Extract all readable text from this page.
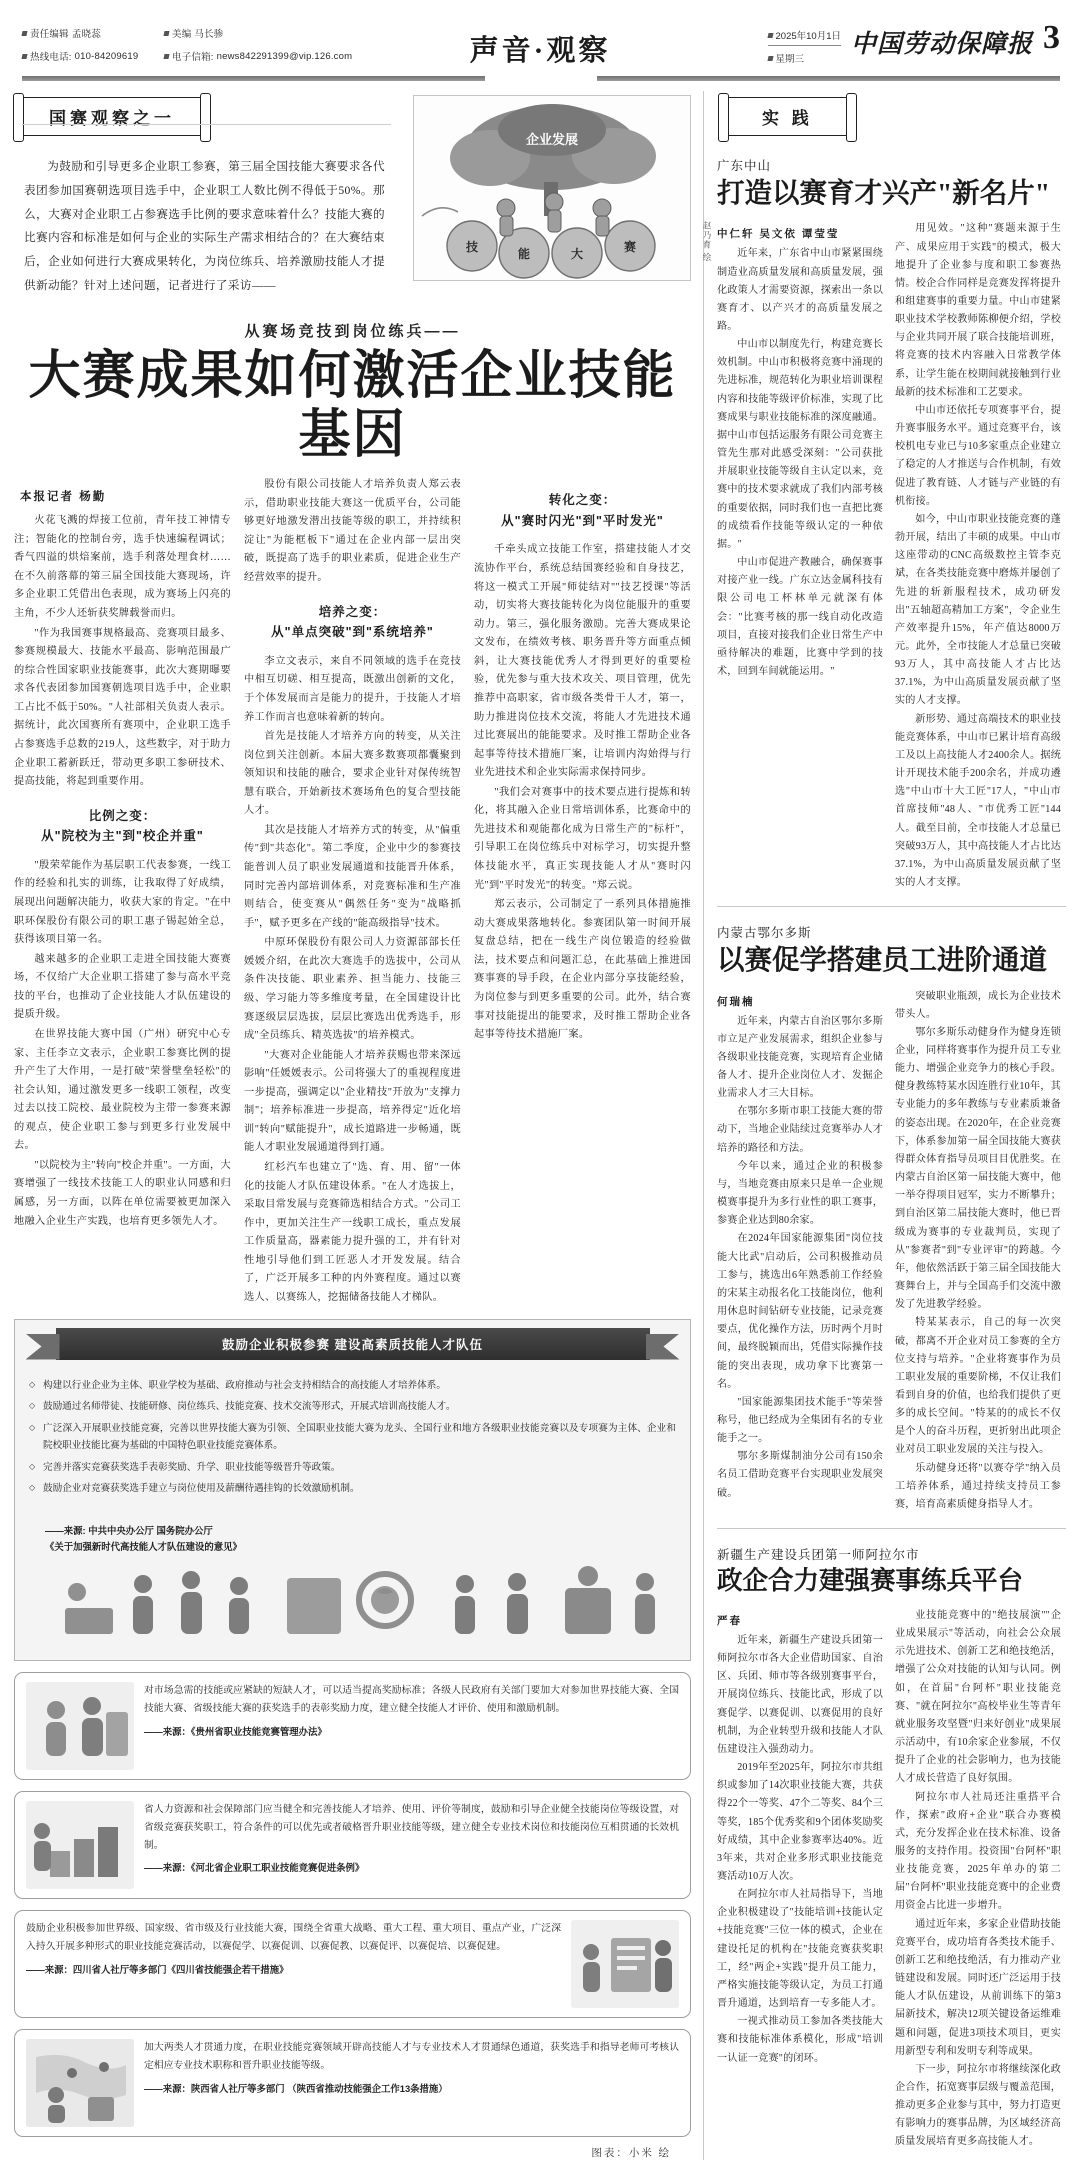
责任编辑 孟晓蕊	美编 马长骖
热线电话: 010-84209619	电子信箱: news842291399@vip.126.com	声音·观察	2025年10月1日
星期三
中国劳动保障报 3
国赛观察之一
为鼓励和引导更多企业职工参赛，第三届全国技能大赛要求各代表团参加国赛朝选项目选手中，企业职工人数比例不得低于50%。那么，大赛对企业职工占参赛选手比例的要求意味着什么？技能大赛的比赛内容和标准是如何与企业的实际生产需求相结合的？在大赛结束后，企业如何进行大赛成果转化，为岗位练兵、培养激励技能人才提供新动能？针对上述问题，记者进行了采访——
企业发展
技	能	大	赛	赵乃育 绘
从赛场竞技到岗位练兵——
大赛成果如何激活企业技能基因
本报记者 杨勤

火花飞溅的焊接工位前，青年技工神情专注；智能化的控制台旁，选手快速编程调试；香气四溢的烘焙案前，选手利落处理食材……在不久前落幕的第三届全国技能大赛现场，许多企业职工凭借出色表现，成为赛场上闪亮的主角，不少人还斩获奖牌载誉而归。

"作为我国赛事规格最高、竞赛项目最多、参赛规模最大、技能水平最高、影响范围最广的综合性国家职业技能赛事，此次大赛期曝要求各代表团参加国赛朝选项目选手中，企业职工占比不低于50%。"人社部相关负责人表示。据统计，此次国赛所有赛项中，企业职工选手占参赛选手总数的219人，这些数字，对于助力企业职工蓄新跃迁，带动更多职工参研技术、提高技能，将起到重要作用。

比例之变：
从"院校为主"到"校企并重"

"殷荣荤能作为基层职工代表参赛，一线工作的经验和扎实的训练，让我取得了好成绩，展现出问题解决能力，收获大家的肯定。"在中职环保股份有限公司的职工惠子锡起始全总，获得该项目第一名。

越来越多的企业职工走进全国技能大赛赛场，不仅给广大企业职工搭建了参与高水平竞技的平台，也推动了企业技能人才队伍建设的提质升级。

在世界技能大赛中国（广州）研究中心专家、主任李立文表示，企业职工参赛比例的提升产生了大作用，一是打破"荣誉壁垒轻松"的社会认知，通过激发更多一线职工领程，改变过去以技工院校、最业院校为主带一参赛来源的观点，使企业职工参与到更多行业发展中去。

"以院校为主"转向"校企并重"。一方面，大赛增强了一线技术技能工人的职业认同感和归属感，另一方面，以阵在单位需要被更加深入地融入企业生产实践，也培育更多领先人才。

股份有限公司技能人才培养负责人郑云表示，借助职业技能大赛这一优质平台，公司能够更好地激发潜出技能等级的职工，并持续积淀让"为能框板下"通过在企业内部一层出突破，既提高了选手的职业素质，促进企业生产经营效率的提升。

培养之变：
从"单点突破"到"系统培养"

李立文表示，来自不同领域的选手在竞技中相互切磋、相互提高，既激出创新的文化，于个体发展而言是能力的提升，于技能人才培养工作而言也意味着新的转向。

首先是技能人才培养方向的转变，从关注岗位到关注创新。本届大赛多数赛项都囊聚到领知识和技能的融合，要求企业针对保传统智慧有联合，开始新技术赛场角色的复合型技能人才。

其次是技能人才培养方式的转变，从"偏重传"到"共态化"。第二季度，企业中少的参赛技能普训人员了职业发展通道和技能晋升体系，同时完善内部培训体系，对竞赛标准和生产准则结合，使变赛从"偶然任务"变为"战略抓手"，赋予更多在产线的"能高级指导"技术。

中原环保股份有限公司人力资源部部长任媛媛介绍，在此次大赛选手的选拔中，公司从条件决技能、职业素养、担当能力、技能三级、学习能力等多维度考量，在全国建设计比赛逐级层层选拔，层层比赛选出优秀选手，形成"全员练兵、精英选拔"的培养模式。

"大赛对企业能能人才培养获赐也带来深远影响"任媛媛表示。公司将强大了的重视程度进一步提高，强调定以"企业精技"开放为"支撑力制"；培养标准进一步提高，培养得定"近化培训"转向"赋能提升"，成长道路进一步畅通，既能人才职业发展通道得到打通。

红杉汽车也建立了"选、育、用、留"一体化的技能人才队伍建设体系。"在人才选拔上，采取目常发展与竞赛筛选相结合方式。"公司工作中，更加关注生产一线职工成长，重点发展工作质量高，器素能力提升强的工，并有针对性地引导他们到工匠恶人才开发发展。结合了，广泛开展多工种的内外赛程度。通过以赛选人、以赛练人，挖掘储备技能人才梯队。

转化之变：
从"赛时闪光"到"平时发光"

千牵头成立技能工作室，搭建技能人才交流协作平台，系统总结国赛经验和自身技艺，将这一模式工开展"师徒结对""技艺授课"等活动，切实将大赛技能转化为岗位能服升的重要动力。第三，强化服务激励。完善大赛成果论文发布，在绩效考核、职务晋升等方面重点倾斜，让大赛技能优秀人才得到更好的重要检验，优先参与重大技术攻关、项目管理，优先推荐中高职家，省市级各类骨干人才，第一，助力推进岗位技术交流，将能人才先进技术通过比赛展出的能能要求。及时推工帮助企业各起事等待技术措施厂案，让培训内沟始得与行业先进技术和企业实际需求保持同步。

"我们会对赛事中的技术要点进行提炼和转化，将其融入企业日常培训体系，比赛命中的先进技术和观能都化成为日常生产的"标杆"，引导职工在岗位练兵中对标学习，切实提升整体技能水平，真正实现技能人才从"赛时闪光"到"平时发光"的转变。"郑云说。

郑云表示，公司制定了一系列具体措施推动大赛成果落地转化。参赛团队第一时间开展复盘总结，把在一线生产岗位锻造的经验做法，技术要点和问题汇总，在此基础上推进国赛事赛的导手段，在企业内部分享技能经验，为岗位参与到更多重要的公司。此外，结合赛事对技能提出的能要求，及时推工帮助企业各起事等待技术措施厂案。

鼓励企业积极参赛 建设高素质技能人才队伍
◇ 构建以行业企业为主体、职业学校为基础、政府推动与社会支持相结合的高技能人才培养体系。
◇ 鼓励通过名师带徒、技能研修、岗位练兵、技能竞赛、技术交流等形式，开展式培训高技能人才。
◇ 广泛深入开展职业技能竞赛，完善以世界技能大赛为引领、全国职业技能大赛为龙头、全国行业和地方各级职业技能竞赛以及专项赛为主体、企业和院校职业技能比赛为基础的中国特色职业技能竞赛体系。
◇ 完善并落实竞赛获奖选手表彰奖励、升学、职业技能等级晋升等政策。
◇ 鼓励企业对竞赛获奖选手建立与岗位使用及薪酬待遇挂钩的长效激励机制。
——来源: 中共中央办公厅 国务院办公厅
《关于加强新时代高技能人才队伍建设的意见》
对市场急需的技能或应紧缺的短缺人才，可以适当提高奖励标准；各级人民政府有关部门要加大对参加世界技能大赛、全国技能大赛、省级技能大赛的获奖选手的表彰奖励力度，建立健全技能人才评价、使用和激励机制。
——来源：《贵州省职业技能竞赛管理办法》
省人力资源和社会保障部门应当健全和完善技能人才培养、使用、评价等制度，鼓励和引导企业健全技能岗位等级设置，对省级竞赛获奖职工，符合条件的可以优先或者破格晋升职业技能等级，建立健全专业技术岗位和技能岗位互相贯通的长效机制。
——来源：《河北省企业职工职业技能竞赛促进条例》
鼓励企业积极参加世界级、国家级、省市级及行业技能大赛，围绕全省重大战略、重大工程、重大项目、重点产业，广泛深入持久开展多种形式的职业技能竞赛活动，以赛促学、以赛促训、以赛促教、以赛促评、以赛促培、以赛促建。
——来源：四川省人社厅等多部门《四川省技能强企若干措施》
加大两类人才贯通力度，在职业技能竞赛领域开辟高技能人才与专业技术人才贯通绿色通道，获奖选手和指导老师可考核认定相应专业技术职称和晋升职业技能等级。
——来源：陕西省人社厅等多部门 （陕西省推动技能强企工作13条措施）
图表：小米 绘
实 践
广东中山
打造以赛育才兴产"新名片"
中仁轩 吴文依 谭莹莹

近年来，广东省中山市紧紧围绕制造业高质量发展和高质量发展，强化政策人才需要资源，探索出一条以赛育才、以产兴才的高质量发展之路。

中山市以制度先行，构建竞赛长效机制。中山市积极将竞赛中涌现的先进标准，规范转化为职业培训课程内容和技能等级评价标准，实现了比赛成果与职业技能标准的深度融通。据中山市包括运服务有限公司竞赛主管先生那对此感受深刻："公司获批并展职业技能等级自主认定以来，竞赛中的技术要求就成了我们内部考核的重要依据，同时我们也一直把比赛的成绩看作技能等级认定的一种依据。"

中山市促进产教融合，确保赛事对接产业一线。广东立达金属科技有限公司电工杯林单元就深有体会："比赛考核的那一线自动化改造项目，直接对接我们企业日常生产中亟待解决的难题，比赛中学到的技术，回到车间就能运用。"

用见效。"这种"赛题来源于生产、成果应用于实践"的模式，极大地提升了企业参与度和职工参赛热情。校企合作同样是竞赛发挥将提升和组建赛事的重要力量。中山市建紧职业技术学校教师陈柳便介绍，学校与企业共同开展了联合技能培训班，将竞赛的技术内容融入日常教学体系，让学生能在校期间就接触到行业最新的技术标准和工艺要求。

中山市还依托专项赛事平台，提升赛事服务水平。通过竞赛平台，该校机电专业已与10多家重点企业建立了稳定的人才推送与合作机制，有效促进了教育链、人才链与产业链的有机衔接。

如今，中山市职业技能竞赛的蓬勃开展，结出了丰硕的成果。中山市这座带动的CNC高级数控主管李克斌，在各类技能竞赛中磨炼并屡创了先进的斩新服程技术，成功研发出"五轴超高精加工方案"，令企业生产效率提升15%，年产值达8000万元。此外，全市技能人才总量已突破93万人，其中高技能人才占比达37.1%，为中山高质量发展贡献了坚实的人才支撑。

新形势、通过高端技术的职业技能竞赛体系，中山市已累计培育高级工及以上高技能人才2400余人。据统计开现技术能手200余名，并成功遴选"中山市十大工匠"17人，"中山市首席技师"48人、"市优秀工匠"144人。截至目前，全市技能人才总量已突破93万人，其中高技能人才占比达37.1%，为中山高质量发展贡献了坚实的人才支撑。

内蒙古鄂尔多斯
以赛促学搭建员工进阶通道
何瑞楠

近年来，内蒙古自治区鄂尔多斯市立足产业发展需求，组织企业参与各级职业技能竞赛，实现培育企业储备人才、提升企业岗位人才、发掘企业需求人才三大目标。

在鄂尔多斯市职工技能大赛的带动下，当地企业陆续过竞赛举办人才培养的路径和方法。

今年以来，通过企业的积极参与，当地竞赛由原来只是单一企业规模赛事提升为多行业性的职工赛事，参赛企业达到80余家。

在2024年国家能源集团"岗位技能大比武"启动后，公司积极推动员工参与，挑选出6年熟悉前工作经验的宋某主动报名化工技能岗位，他利用休息时间钻研专业技能，记录竞赛要点，优化操作方法，历时两个月时间，最终脱颖而出，凭借实际操作技能的突出表现，成功拿下比赛第一名。

"国家能源集团技术能手"等荣誉称号，他已经成为全集团有名的专业能手之一。

鄂尔多斯煤制油分公司有150余名员工借助竞赛平台实现职业发展突破。

突破职业瓶颈，成长为企业技术带头人。

鄂尔多斯乐动健身作为健身连锁企业，同样将赛事作为提升员工专业能力、增强企业竞争力的核心手段。健身教练特某水因连胜行业10年，其专业能力的多年教练与专业素质兼备的姿态出现。在2020年，在企业竞赛下，体系参加第一届全国技能大赛获得群众体育指导员项目目优胜奖。在内蒙古自治区第一届技能大赛中，他一举夺得项目冠军，实力不断攀升；到自治区第二届技能大赛时，他已晋级成为赛事的专业裁判员，实现了从"参赛者"到"专业评审"的跨越。今年，他依然活跃于第三届全国技能大赛舞台上，并与全国高手们交流中激发了先进教学经验。

特某某表示，自己的每一次突破，都离不开企业对员工参赛的全方位支持与培养。"企业将赛事作为员工职业发展的重要阶梯，不仅让我们看到自身的价值，也给我们提供了更多的成长空间。"特某的的成长不仅是个人的奋斗历程，更折射出此项企业对员工职业发展的关注与投入。

乐动健身还将"以赛夺学"纳入员工培养体系，通过持续支持员工参赛，培育高素质健身指导人才。

新疆生产建设兵团第一师阿拉尔市
政企合力建强赛事练兵平台
严春

近年来，新疆生产建设兵团第一师阿拉尔市各大企业借助国家、自治区、兵团、师市等各级别赛事平台，开展岗位练兵、技能比武，形成了以赛促学、以赛促训、以赛促用的良好机制，为企业转型升级和技能人才队伍建设注入强劲动力。

2019年至2025年，阿拉尔市共组织或参加了14次职业技能大赛，共获得22个一等奖、47个二等奖、84个三等奖，185个优秀奖和9个团体奖励奖好成绩，其中企业参赛率达40%。近3年来，共对企业多形式职业技能竞赛活动10万人次。

在阿拉尔市人社局指导下，当地企业积极建设了"技能培训+技能认定+技能竞赛"三位一体的模式，企业在建设托足的机构在"技能竞赛获奖职工，经"两企+实践"提升员工能力，严格实施技能等级认定，为员工打通晋升通道，达到培育一专多能人才。

一视式推动员工参加各类技能大赛和技能标准体系模化，形成"培训一认证一竞赛"的闭环。

业技能竞赛中的"绝技展演""企业成果展示"等活动，向社会公众展示先进技术、创新工艺和绝技绝活，增强了公众对技能的认知与认同。例如，在首届"台阿杯"职业技能竞赛、"就在阿拉尔"高校毕业生等青年就业服务攻坚暨"归来好创业"成果展示活动中，有10余家企业参展，不仅提升了企业的社会影响力，也为技能人才成长营造了良好氛围。

阿拉尔市人社局还注重搭平合作，探索"政府+企业"联合办赛模式，充分发挥企业在技术标准、设备服务的支持作用。投资围"台阿杯"职业技能竞赛，2025年单办的第二届"台阿杯"职业技能竞赛中的企业费用资金占比进一步增升。

通过近年来，多家企业借助技能竞赛平台，成功培育各类技术能手、创新工艺和绝技绝活，有力推动产业链建设和发展。同时还广泛运用于技能人才队伍建设，从前训练下的第3届新技术，解决12项关键设备运维难题和问题，促进3项技术项目，更实用新型专利和发明专利等成果。

下一步，阿拉尔市将继续深化政企合作，拓宽赛事层级与覆盖范围，推动更多企业参与其中，努力打造更有影响力的赛事品牌，为区域经济高质量发展培育更多高技能人才。
